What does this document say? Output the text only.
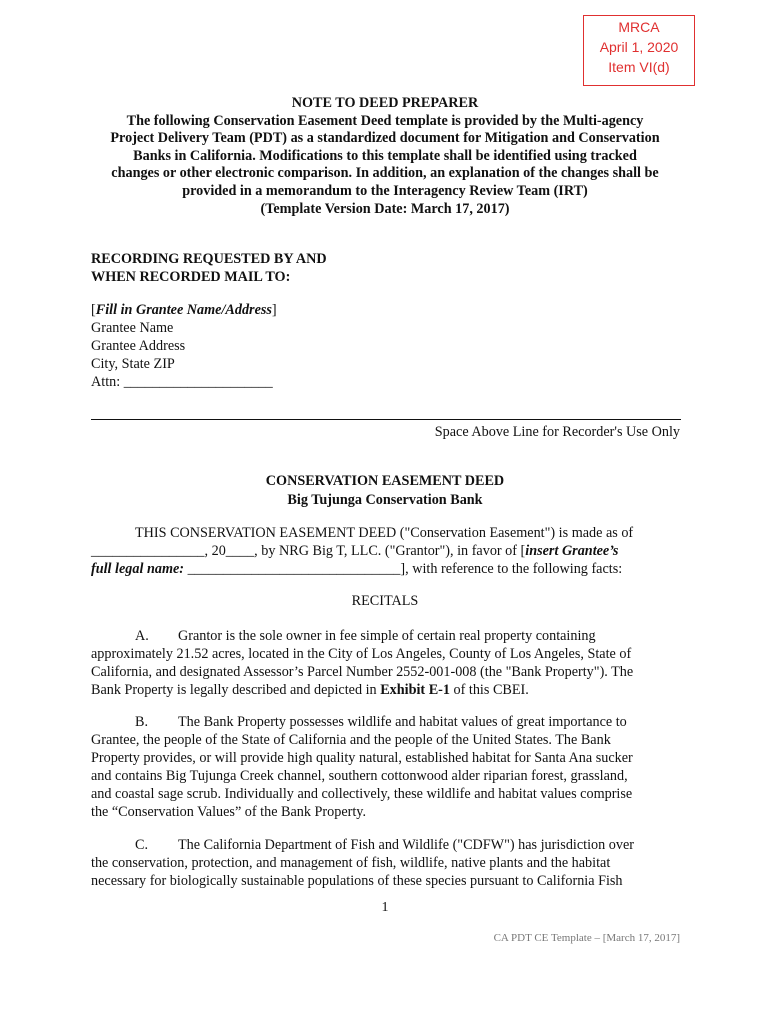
MRCA
April 1, 2020
Item VI(d)
NOTE TO DEED PREPARER
The following Conservation Easement Deed template is provided by the Multi-agency
Project Delivery Team (PDT) as a standardized document for Mitigation and Conservation
Banks in California. Modifications to this template shall be identified using tracked
changes or other electronic comparison. In addition, an explanation of the changes shall be
provided in a memorandum to the Interagency Review Team (IRT)
(Template Version Date: March 17, 2017)
RECORDING REQUESTED BY AND
WHEN RECORDED MAIL TO:
[Fill in Grantee Name/Address]
Grantee Name
Grantee Address
City, State ZIP
Attn: _____________________
Space Above Line for Recorder's Use Only
CONSERVATION EASEMENT DEED
Big Tujunga Conservation Bank
THIS CONSERVATION EASEMENT DEED ("Conservation Easement") is made as of
________________, 20____, by NRG Big T, LLC. ("Grantor"), in favor of [insert Grantee’s
full legal name: ______________________________], with reference to the following facts:
RECITALS
A. Grantor is the sole owner in fee simple of certain real property containing
approximately 21.52 acres, located in the City of Los Angeles, County of Los Angeles, State of
California, and designated Assessor’s Parcel Number 2552-001-008 (the "Bank Property"). The
Bank Property is legally described and depicted in Exhibit E-1 of this CBEI.
B. The Bank Property possesses wildlife and habitat values of great importance to
Grantee, the people of the State of California and the people of the United States. The Bank
Property provides, or will provide high quality natural, established habitat for Santa Ana sucker
and contains Big Tujunga Creek channel, southern cottonwood alder riparian forest, grassland,
and coastal sage scrub. Individually and collectively, these wildlife and habitat values comprise
the “Conservation Values” of the Bank Property.
C. The California Department of Fish and Wildlife ("CDFW") has jurisdiction over
the conservation, protection, and management of fish, wildlife, native plants and the habitat
necessary for biologically sustainable populations of these species pursuant to California Fish
1
CA PDT CE Template – [March 17, 2017]
